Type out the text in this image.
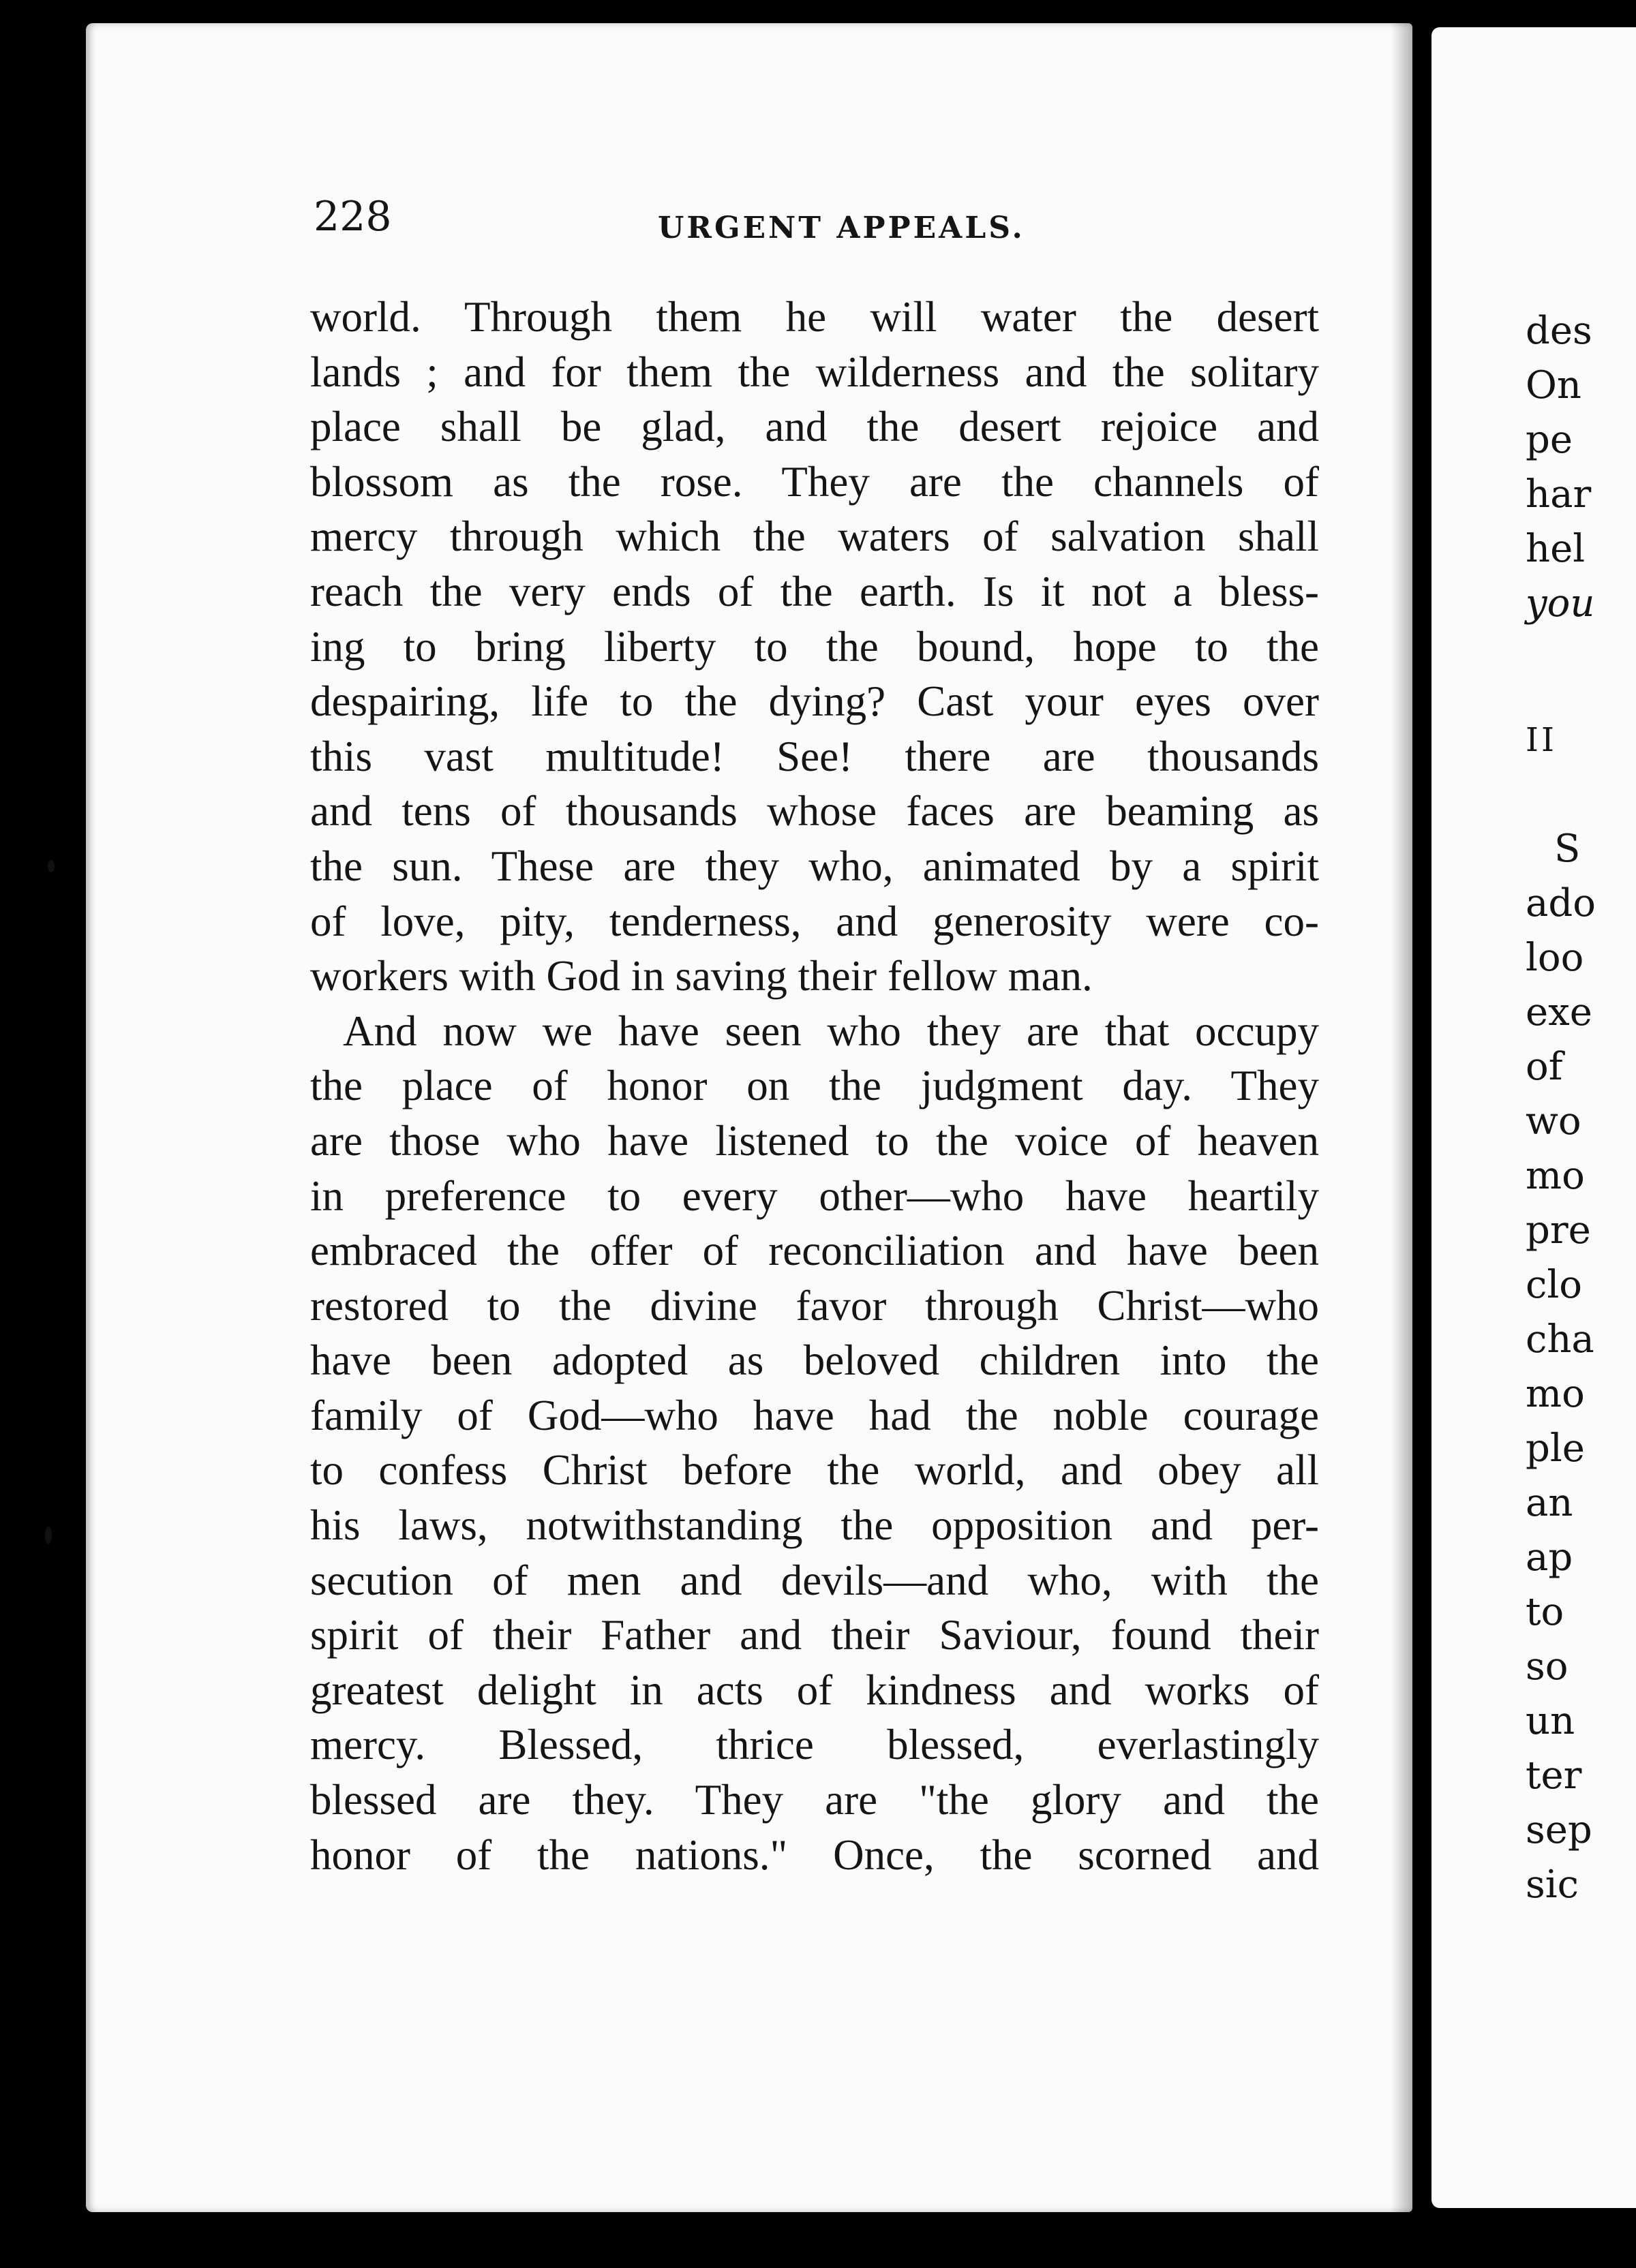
des

On

pe

har

hel

you

II

S

ado

loo

exe

of

wo

mo

pre

clo

cha

mo

ple

an

ap

to

so

un

ter

sep

sic

228	URGENT APPEALS.

world. Through them he will water the desert
lands ; and for them the wilderness and the solitary
place shall be glad, and the desert rejoice and
blossom as the rose. They are the channels of
mercy through which the waters of salvation shall
reach the very ends of the earth. Is it not a bless-
ing to bring liberty to the bound, hope to the
despairing, life to the dying? Cast your eyes over
this vast multitude! See! there are thousands
and tens of thousands whose faces are beaming as
the sun. These are they who, animated by a spirit
of love, pity, tenderness, and generosity were co-
workers with God in saving their fellow man.

And now we have seen who they are that occupy
the place of honor on the judgment day. They
are those who have listened to the voice of heaven
in preference to every other—who have heartily
embraced the offer of reconciliation and have been
restored to the divine favor through Christ—who
have been adopted as beloved children into the
family of God—who have had the noble courage
to confess Christ before the world, and obey all
his laws, notwithstanding the opposition and per-
secution of men and devils—and who, with the
spirit of their Father and their Saviour, found their
greatest delight in acts of kindness and works of
mercy. Blessed, thrice blessed, everlastingly
blessed are they. They are "the glory and the
honor of the nations." Once, the scorned and
